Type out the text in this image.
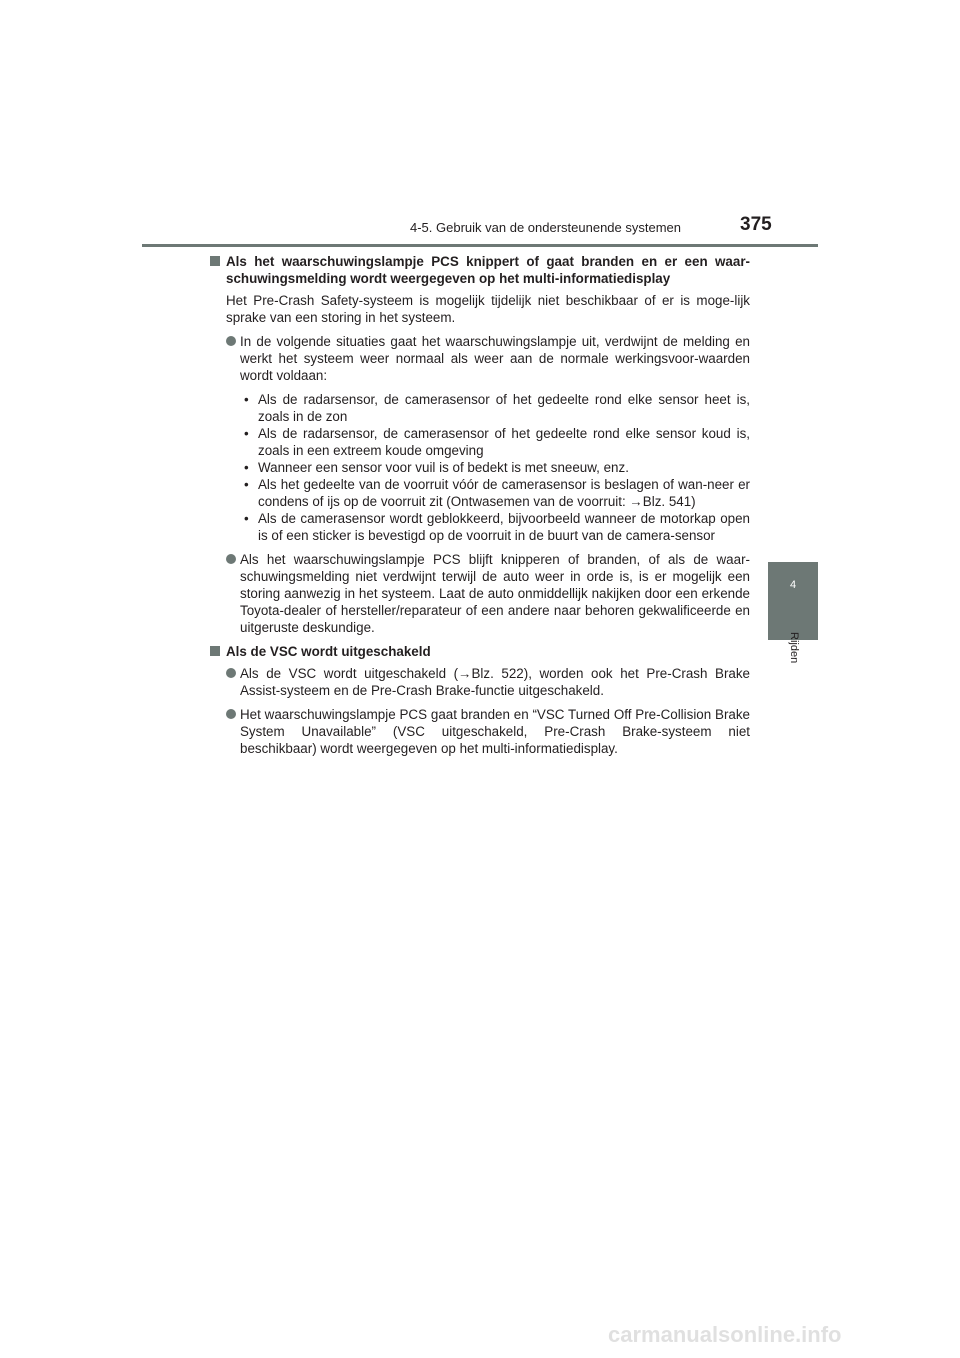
4-5. Gebruik van de ondersteunende systemen	375
4
Rijden
Als het waarschuwingslampje PCS knippert of gaat branden en er een waar-schuwingsmelding wordt weergegeven op het multi-informatiedisplay
Het Pre-Crash Safety-systeem is mogelijk tijdelijk niet beschikbaar of er is moge-lijk sprake van een storing in het systeem.
In de volgende situaties gaat het waarschuwingslampje uit, verdwijnt de melding en werkt het systeem weer normaal als weer aan de normale werkingsvoor-waarden wordt voldaan:
• Als de radarsensor, de camerasensor of het gedeelte rond elke sensor heet is, zoals in de zon
• Als de radarsensor, de camerasensor of het gedeelte rond elke sensor koud is, zoals in een extreem koude omgeving
• Wanneer een sensor voor vuil is of bedekt is met sneeuw, enz.
• Als het gedeelte van de voorruit vóór de camerasensor is beslagen of wan-neer er condens of ijs op de voorruit zit (Ontwasemen van de voorruit: →Blz. 541)
• Als de camerasensor wordt geblokkeerd, bijvoorbeeld wanneer de motorkap open is of een sticker is bevestigd op de voorruit in de buurt van de camera-sensor
Als het waarschuwingslampje PCS blijft knipperen of branden, of als de waar-schuwingsmelding niet verdwijnt terwijl de auto weer in orde is, is er mogelijk een storing aanwezig in het systeem. Laat de auto onmiddellijk nakijken door een erkende Toyota-dealer of hersteller/reparateur of een andere naar behoren gekwalificeerde en uitgeruste deskundige.
Als de VSC wordt uitgeschakeld
Als de VSC wordt uitgeschakeld (→Blz. 522), worden ook het Pre-Crash Brake Assist-systeem en de Pre-Crash Brake-functie uitgeschakeld.
Het waarschuwingslampje PCS gaat branden en “VSC Turned Off Pre-Collision Brake System Unavailable” (VSC uitgeschakeld, Pre-Crash Brake-systeem niet beschikbaar) wordt weergegeven op het multi-informatiedisplay.
carmanualsonline.info
